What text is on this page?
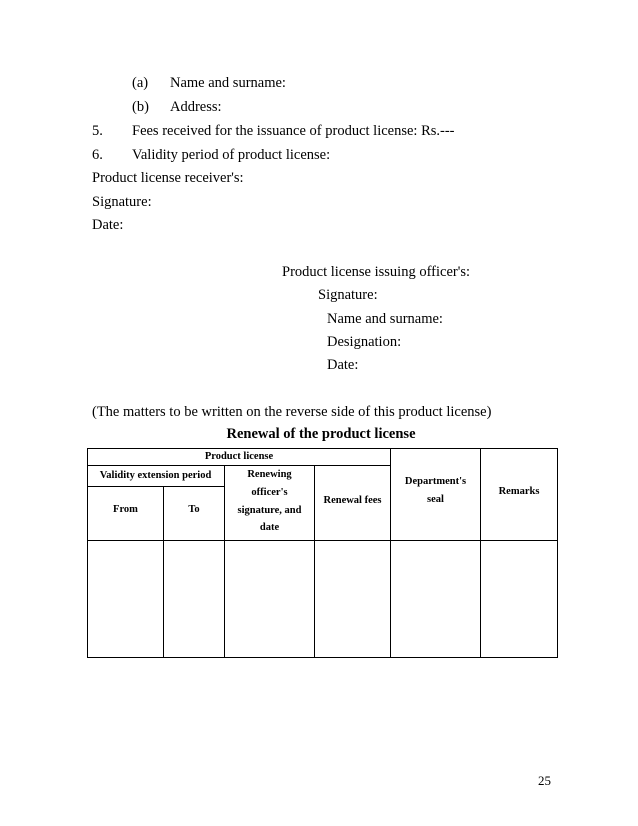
(a) Name and surname:
(b) Address:
5. Fees received for the issuance of product license: Rs.---
6. Validity period of product license:
Product license receiver's:
Signature:
Date:
Product license issuing officer's:
Signature:
Name and surname:
Designation:
Date:
(The matters to be written on the reverse side of this product license)
Renewal of the product license
Product license
Validity extension period
From	To
Renewing
officer's
signature, and
date
Renewal fees
Department's
seal
Remarks
25
